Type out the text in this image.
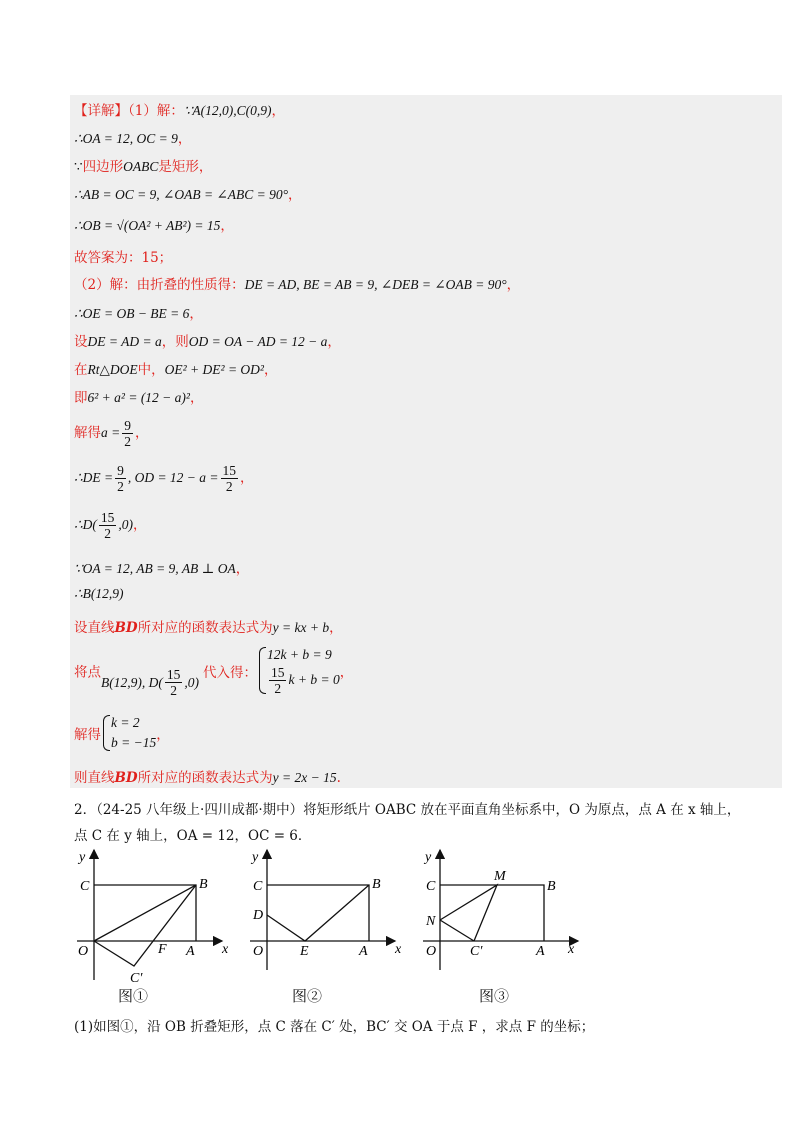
【详解】（1）解：∵A(12,0),C(0,9)，
∴OA = 12, OC = 9，
∵四边形OABC是矩形，
∴AB = OC = 9, ∠OAB = ∠ABC = 90°，
∴OB = √(OA² + AB²) = 15，
故答案为：15；
（2）解：由折叠的性质得：DE = AD, BE = AB = 9, ∠DEB = ∠OAB = 90°，
∴OE = OB − BE = 6，
设DE = AD = a，则OD = OA − AD = 12 − a，
在Rt△DOE中，OE² + DE² = OD²，
即6² + a² = (12 − a)²，
解得$a = \frac{9}{2}$ ，
∴DE = $\frac{9}{2}$ , OD = $12 - a = \frac{15}{2}$ ，
∴D( $\frac{15}{2} ,0$)，
∵OA = 12, AB = 9, AB ⊥ OA，
∴B(12,9)
设直线BD所对应的函数表达式为y = kx + b，
将点B(12,9), $D( \frac{15}{2} ,0)$代入得：
12k + b = 9
$\frac{15}{2}$ k + b = 0 ，
解得
k = 2
b = −15 ，
则直线BD所对应的函数表达式为y = 2x − 15.
2．（24-25 八年级上·四川成都·期中）将矩形纸片 OABC 放在平面直角坐标系中，O 为原点，点 A 在 x 轴上，
点 C 在 y 轴上，OA = 12，OC = 6．
y
x
C	B
O	F A
C′
y
x
C	B
D
O	E	A
y
x
C
M
B
N
O C′	A
图①	图②	图③
(1)如图①，沿 OB 折叠矩形，点 C 落在 C′ 处，BC′ 交 OA 于点 F ，求点 F 的坐标；
